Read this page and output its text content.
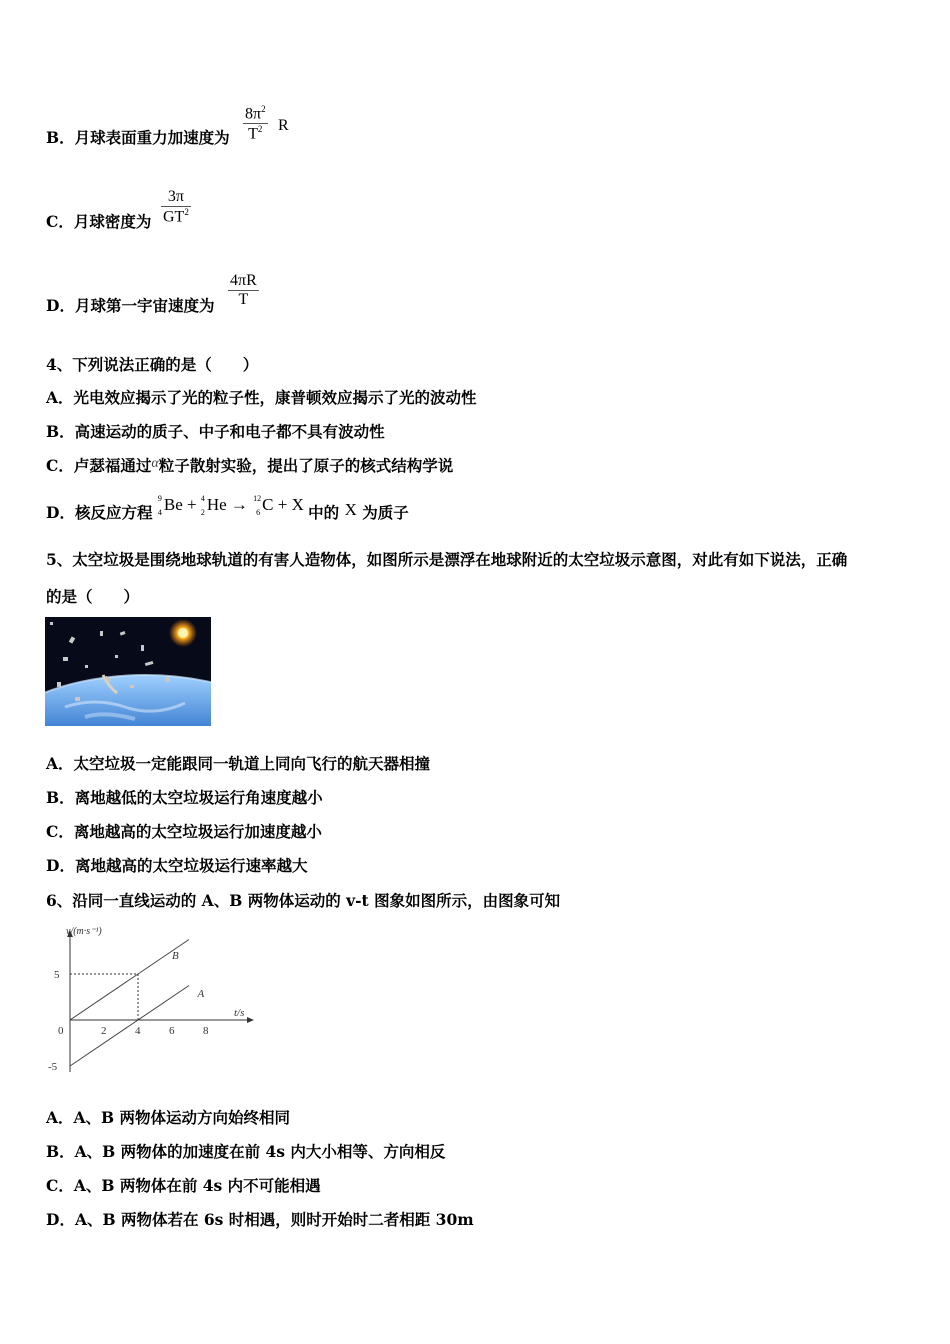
B．月球表面重力加速度为 $\frac{8\pi^2}{T^2}$ R
C．月球密度为 $\frac{3\pi}{GT^2}$
D．月球第一宇宙速度为 $\frac{4\pi R}{T}$
4、下列说法正确的是（　　）
A．光电效应揭示了光的粒子性，康普顿效应揭示了光的波动性
B．高速运动的质子、中子和电子都不具有波动性
C．卢瑟福通过α粒子散射实验，提出了原子的核式结构学说
D．核反应方程
9
4 Be + 4
2 He → 12
6 C + X 中的 X 为质子
5、太空垃圾是围绕地球轨道的有害人造物体，如图所示是漂浮在地球附近的太空垃圾示意图，对此有如下说法，正确
的是（　　）
A．太空垃圾一定能跟同一轨道上同向飞行的航天器相撞
B．离地越低的太空垃圾运行角速度越小
C．离地越高的太空垃圾运行加速度越小
D．离地越高的太空垃圾运行速率越大
6、沿同一直线运动的 A、B 两物体运动的 v-t 图象如图所示，由图象可知
v/(m·s⁻¹)
t/s
0	2	4	6	8
5
-5
B
A
A．A、B 两物体运动方向始终相同
B．A、B 两物体的加速度在前 4s 内大小相等、方向相反
C．A、B 两物体在前 4s 内不可能相遇
D．A、B 两物体若在 6s 时相遇，则时开始时二者相距 30m
